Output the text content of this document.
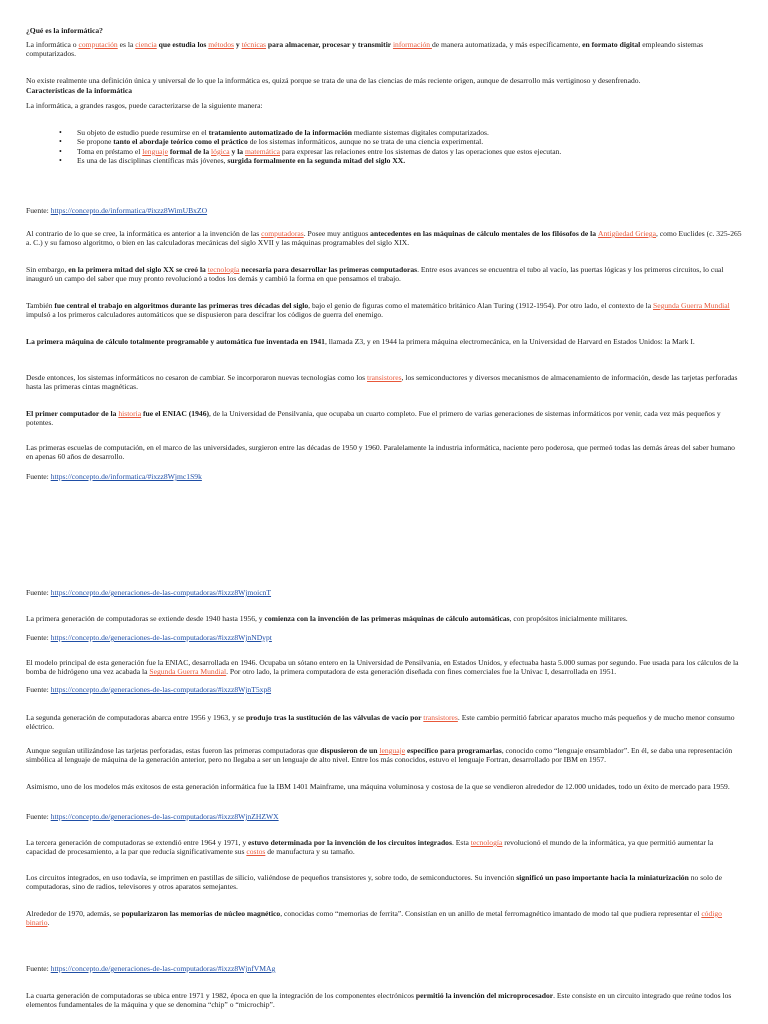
¿Qué es la informática?
La informática o computación es la ciencia que estudia los métodos y técnicas para almacenar, procesar y transmitir información de manera automatizada, y más específicamente, en formato digital empleando sistemas computarizados.
No existe realmente una definición única y universal de lo que la informática es, quizá porque se trata de una de las ciencias de más reciente origen, aunque de desarrollo más vertiginoso y desenfrenado.
Características de la informática
La informática, a grandes rasgos, puede caracterizarse de la siguiente manera:
• Su objeto de estudio puede resumirse en el tratamiento automatizado de la información mediante sistemas digitales computarizados.
• Se propone tanto el abordaje teórico como el práctico de los sistemas informáticos, aunque no se trata de una ciencia experimental.
• Toma en préstamo el lenguaje formal de la lógica y la matemática para expresar las relaciones entre los sistemas de datos y las operaciones que estos ejecutan.
• Es una de las disciplinas científicas más jóvenes, surgida formalmente en la segunda mitad del siglo XX.
Fuente: https://concepto.de/informatica/#ixzz8WimUBxZO
Al contrario de lo que se cree, la informática es anterior a la invención de las computadoras. Posee muy antiguos antecedentes en las máquinas de cálculo mentales de los filósofos de la Antigüedad Griega, como Euclides (c. 325-265 a. C.) y su famoso algoritmo, o bien en las calculadoras mecánicas del siglo XVII y las máquinas programables del siglo XIX.
Sin embargo, en la primera mitad del siglo XX se creó la tecnología necesaria para desarrollar las primeras computadoras. Entre esos avances se encuentra el tubo al vacío, las puertas lógicas y los primeros circuitos, lo cual inauguró un campo del saber que muy pronto revolucionó a todos los demás y cambió la forma en que pensamos el trabajo.
También fue central el trabajo en algoritmos durante las primeras tres décadas del siglo, bajo el genio de figuras como el matemático británico Alan Turing (1912-1954). Por otro lado, el contexto de la Segunda Guerra Mundial impulsó a los primeros calculadores automáticos que se dispusieron para descifrar los códigos de guerra del enemigo.
La primera máquina de cálculo totalmente programable y automática fue inventada en 1941, llamada Z3, y en 1944 la primera máquina electromecánica, en la Universidad de Harvard en Estados Unidos: la Mark I.
Desde entonces, los sistemas informáticos no cesaron de cambiar. Se incorporaron nuevas tecnologías como los transistores, los semiconductores y diversos mecanismos de almacenamiento de información, desde las tarjetas perforadas hasta las primeras cintas magnéticas.
El primer computador de la historia fue el ENIAC (1946), de la Universidad de Pensilvania, que ocupaba un cuarto completo. Fue el primero de varias generaciones de sistemas informáticos por venir, cada vez más pequeños y potentes.
Las primeras escuelas de computación, en el marco de las universidades, surgieron entre las décadas de 1950 y 1960. Paralelamente la industria informática, naciente pero poderosa, que permeó todas las demás áreas del saber humano en apenas 60 años de desarrollo.
Fuente: https://concepto.de/informatica/#ixzz8Wjmc1S9k
Fuente: https://concepto.de/generaciones-de-las-computadoras/#ixzz8WjmoicnT
La primera generación de computadoras se extiende desde 1940 hasta 1956, y comienza con la invención de las primeras máquinas de cálculo automáticas, con propósitos inicialmente militares.
Fuente: https://concepto.de/generaciones-de-las-computadoras/#ixzz8WjnNDypt
El modelo principal de esta generación fue la ENIAC, desarrollada en 1946. Ocupaba un sótano entero en la Universidad de Pensilvania, en Estados Unidos, y efectuaba hasta 5.000 sumas por segundo. Fue usada para los cálculos de la bomba de hidrógeno una vez acabada la Segunda Guerra Mundial. Por otro lado, la primera computadora de esta generación diseñada con fines comerciales fue la Univac I, desarrollada en 1951.
Fuente: https://concepto.de/generaciones-de-las-computadoras/#ixzz8WjnT5xp8
La segunda generación de computadoras abarca entre 1956 y 1963, y se produjo tras la sustitución de las válvulas de vacío por transistores. Este cambio permitió fabricar aparatos mucho más pequeños y de mucho menor consumo eléctrico.
Aunque seguían utilizándose las tarjetas perforadas, estas fueron las primeras computadoras que dispusieron de un lenguaje específico para programarlas, conocido como “lenguaje ensamblador”. En él, se daba una representación simbólica al lenguaje de máquina de la generación anterior, pero no llegaba a ser un lenguaje de alto nivel. Entre los más conocidos, estuvo el lenguaje Fortran, desarrollado por IBM en 1957.
Asimismo, uno de los modelos más exitosos de esta generación informática fue la IBM 1401 Mainframe, una máquina voluminosa y costosa de la que se vendieron alrededor de 12.000 unidades, todo un éxito de mercado para 1959.
Fuente: https://concepto.de/generaciones-de-las-computadoras/#ixzz8WjnZHZWX
La tercera generación de computadoras se extendió entre 1964 y 1971, y estuvo determinada por la invención de los circuitos integrados. Esta tecnología revolucionó el mundo de la informática, ya que permitió aumentar la capacidad de procesamiento, a la par que reducía significativamente sus costos de manufactura y su tamaño.
Los circuitos integrados, en uso todavía, se imprimen en pastillas de silicio, valiéndose de pequeños transistores y, sobre todo, de semiconductores. Su invención significó un paso importante hacia la miniaturización no solo de computadoras, sino de radios, televisores y otros aparatos semejantes.
Alrededor de 1970, además, se popularizaron las memorias de núcleo magnético, conocidas como “memorias de ferrita”. Consistían en un anillo de metal ferromagnético imantado de modo tal que pudiera representar el código binario.
Fuente: https://concepto.de/generaciones-de-las-computadoras/#ixzz8WjnfVMAg
La cuarta generación de computadoras se ubica entre 1971 y 1982, época en que la integración de los componentes electrónicos permitió la invención del microprocesador. Este consiste en un circuito integrado que reúne todos los elementos fundamentales de la máquina y que se denomina “chip” o “microchip”.
